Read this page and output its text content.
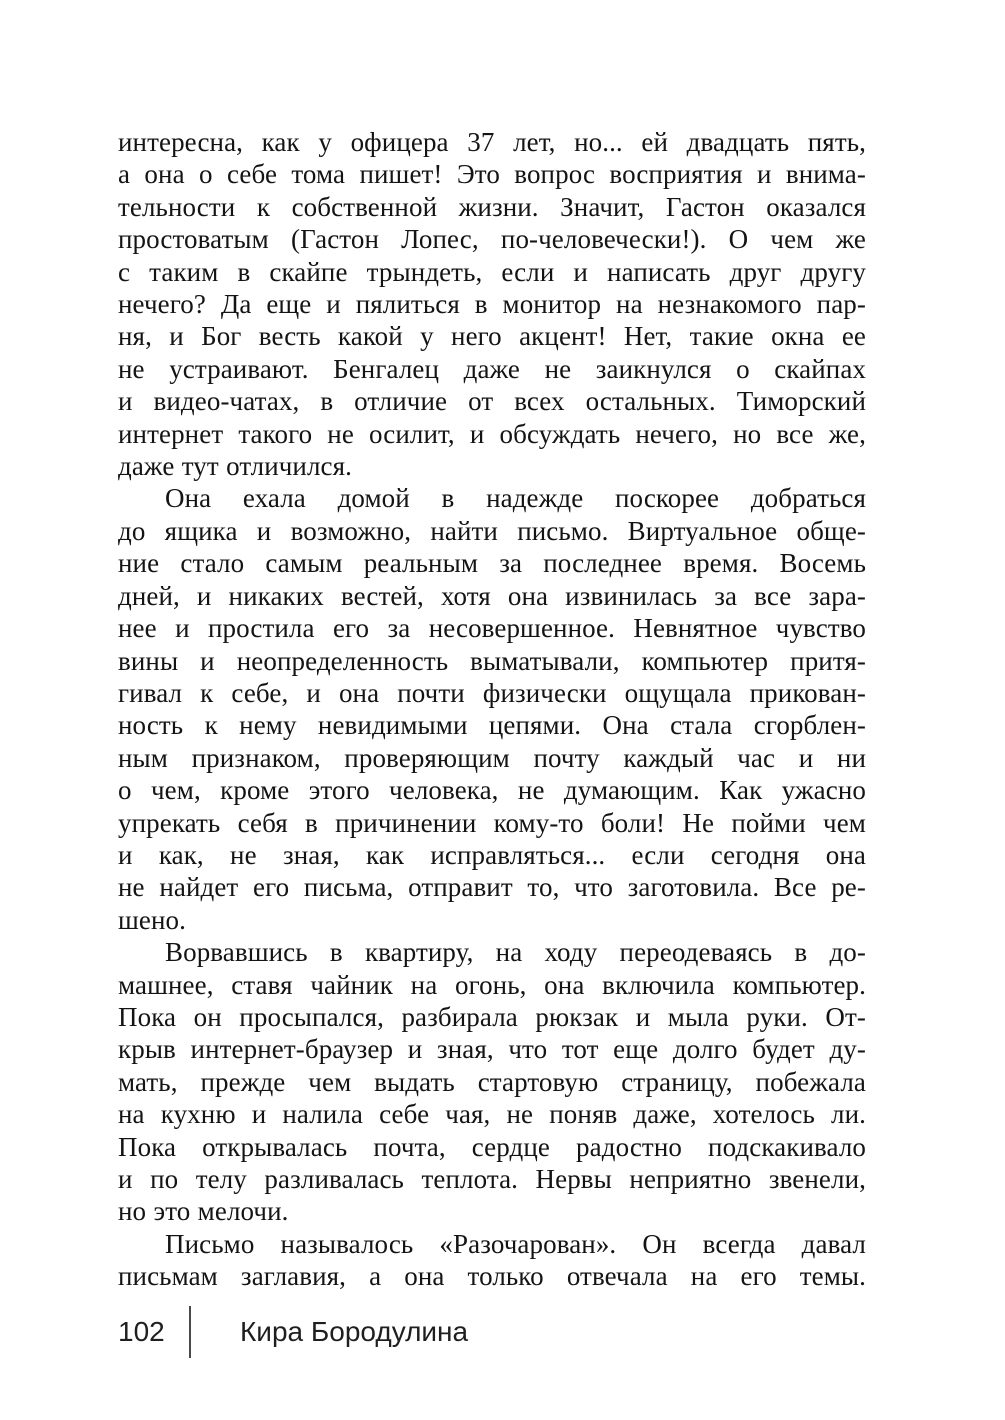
интересна, как у офицера 37 лет, но... ей двадцать пять,
а она о себе тома пишет! Это вопрос восприятия и внима-
тельности к собственной жизни. Значит, Гастон оказался
простоватым (Гастон Лопес, по-человечески!). О чем же
с таким в скайпе трындеть, если и написать друг другу
нечего? Да еще и пялиться в монитор на незнакомого пар-
ня, и Бог весть какой у него акцент! Нет, такие окна ее
не устраивают. Бенгалец даже не заикнулся о скайпах
и видео-чатах, в отличие от всех остальных. Тиморский
интернет такого не осилит, и обсуждать нечего, но все же,
даже тут отличился.
Она ехала домой в надежде поскорее добраться
до ящика и возможно, найти письмо. Виртуальное обще-
ние стало самым реальным за последнее время. Восемь
дней, и никаких вестей, хотя она извинилась за все зара-
нее и простила его за несовершенное. Невнятное чувство
вины и неопределенность выматывали, компьютер притя-
гивал к себе, и она почти физически ощущала прикован-
ность к нему невидимыми цепями. Она стала сгорблен-
ным признаком, проверяющим почту каждый час и ни
о чем, кроме этого человека, не думающим. Как ужасно
упрекать себя в причинении кому-то боли! Не пойми чем
и как, не зная, как исправляться... если сегодня она
не найдет его письма, отправит то, что заготовила. Все ре-
шено.
Ворвавшись в квартиру, на ходу переодеваясь в до-
машнее, ставя чайник на огонь, она включила компьютер.
Пока он просыпался, разбирала рюкзак и мыла руки. От-
крыв интернет-браузер и зная, что тот еще долго будет ду-
мать, прежде чем выдать стартовую страницу, побежала
на кухню и налила себе чая, не поняв даже, хотелось ли.
Пока открывалась почта, сердце радостно подскакивало
и по телу разливалась теплота. Нервы неприятно звенели,
но это мелочи.
Письмо называлось «Разочарован». Он всегда давал
письмам заглавия, а она только отвечала на его темы.
102	Кира Бородулина
